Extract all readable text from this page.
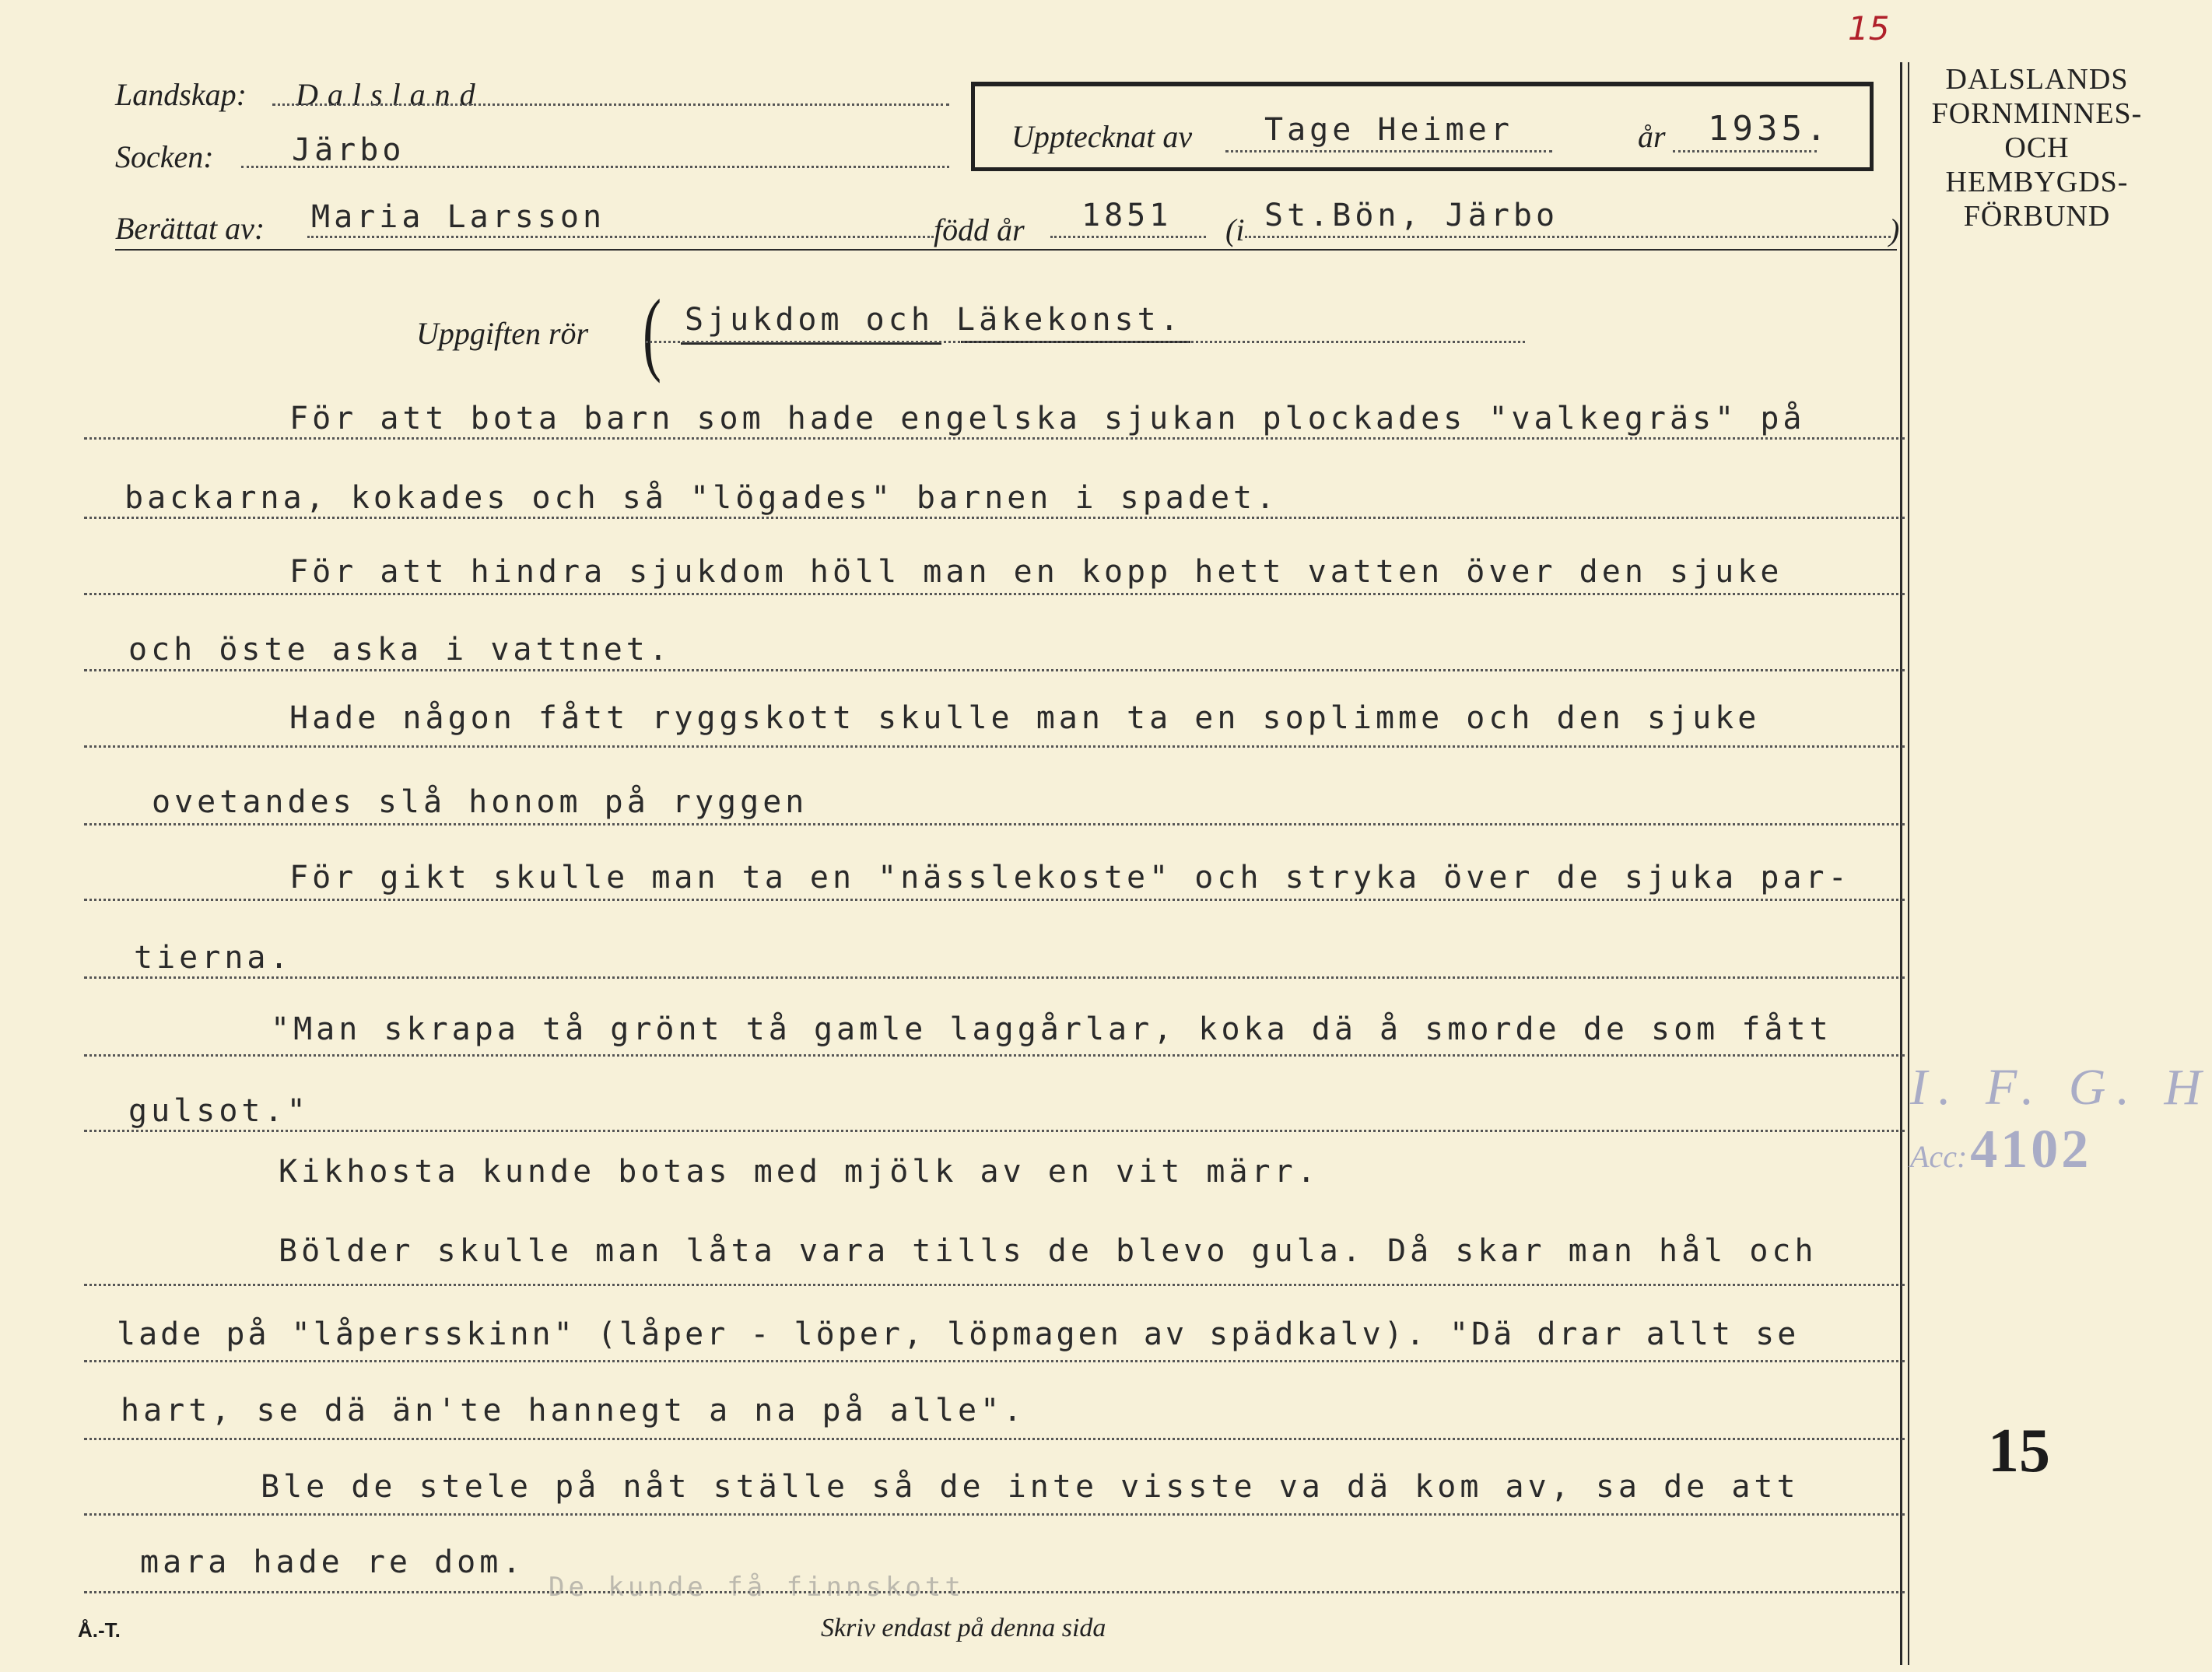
15
Landskap: Dalsland
Socken:	Järbo
Berättat av: Maria Larsson	född år 1851 (i St.Bön, Järbo	)
Upptecknat av Tage Heimer	år 1935.
DALSLANDS
FORNMINNES-
OCH
HEMBYGDS-
FÖRBUND
Uppgiften rör ( Sjukdom och Läkekonst.
För att bota barn som hade engelska sjukan plockades "valkegräs" på
backarna, kokades och så "lögades" barnen i spadet.
För att hindra sjukdom höll man en kopp hett vatten över den sjuke
och öste aska i vattnet.
Hade någon fått ryggskott skulle man ta en soplimme och den sjuke
ovetandes slå honom på ryggen
För gikt skulle man ta en "nässlekoste" och stryka över de sjuka par-
tierna.
"Man skrapa tå grönt tå gamle laggårlar, koka dä å smorde de som fått
gulsot."
Kikhosta kunde botas med mjölk av en vit märr.
Bölder skulle man låta vara tills de blevo gula. Då skar man hål och
lade på "låpersskinn" (låper - löper, löpmagen av spädkalv). "Dä drar allt se
hart, se dä än'te hannegt a na på alle".
Ble de stele på nåt ställe så de inte visste va dä kom av, sa de att
mara hade re dom.
De kunde få finnskott
I. F. G. H
Acc: 4102
15
Å.-T.	Skriv endast på denna sida
